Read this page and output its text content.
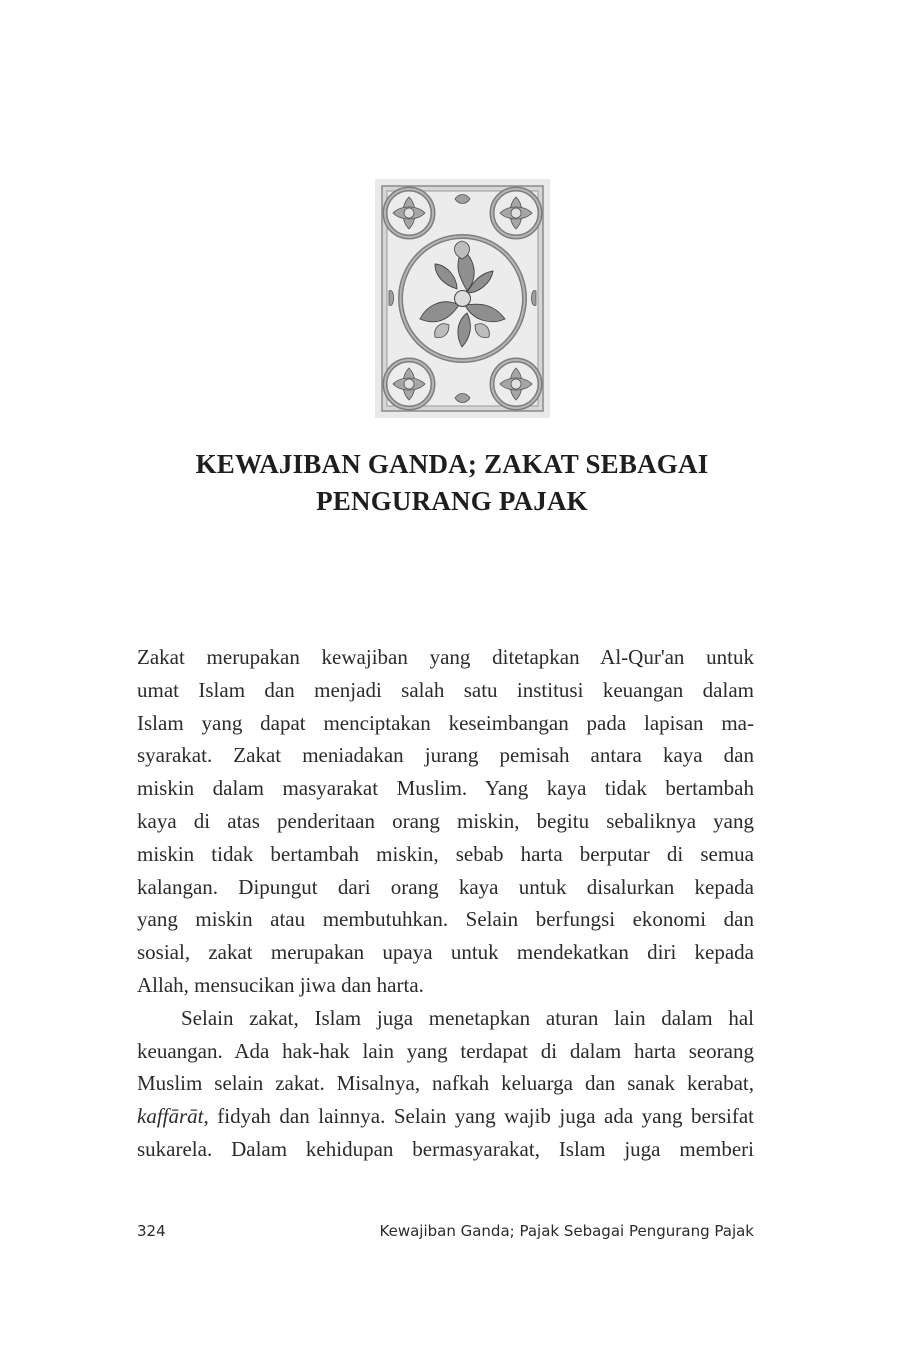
KEWAJIBAN GANDA; ZAKAT SEBAGAI
PENGURANG PAJAK

Zakat merupakan kewajiban yang ditetapkan Al-Qur'an untuk
umat Islam dan menjadi salah satu institusi keuangan dalam
Islam yang dapat menciptakan keseimbangan pada lapisan ma-
syarakat. Zakat meniadakan jurang pemisah antara kaya dan
miskin dalam masyarakat Muslim. Yang kaya tidak bertambah
kaya di atas penderitaan orang miskin, begitu sebaliknya yang
miskin tidak bertambah miskin, sebab harta berputar di semua
kalangan. Dipungut dari orang kaya untuk disalurkan kepada
yang miskin atau membutuhkan. Selain berfungsi ekonomi dan
sosial, zakat merupakan upaya untuk mendekatkan diri kepada
Allah, mensucikan jiwa dan harta.

Selain zakat, Islam juga menetapkan aturan lain dalam hal
keuangan. Ada hak-hak lain yang terdapat di dalam harta seorang
Muslim selain zakat. Misalnya, nafkah keluarga dan sanak kerabat,
kaffārāt, fidyah dan lainnya. Selain yang wajib juga ada yang bersifat
sukarela. Dalam kehidupan bermasyarakat, Islam juga memberi

324	Kewajiban Ganda; Pajak Sebagai Pengurang Pajak
